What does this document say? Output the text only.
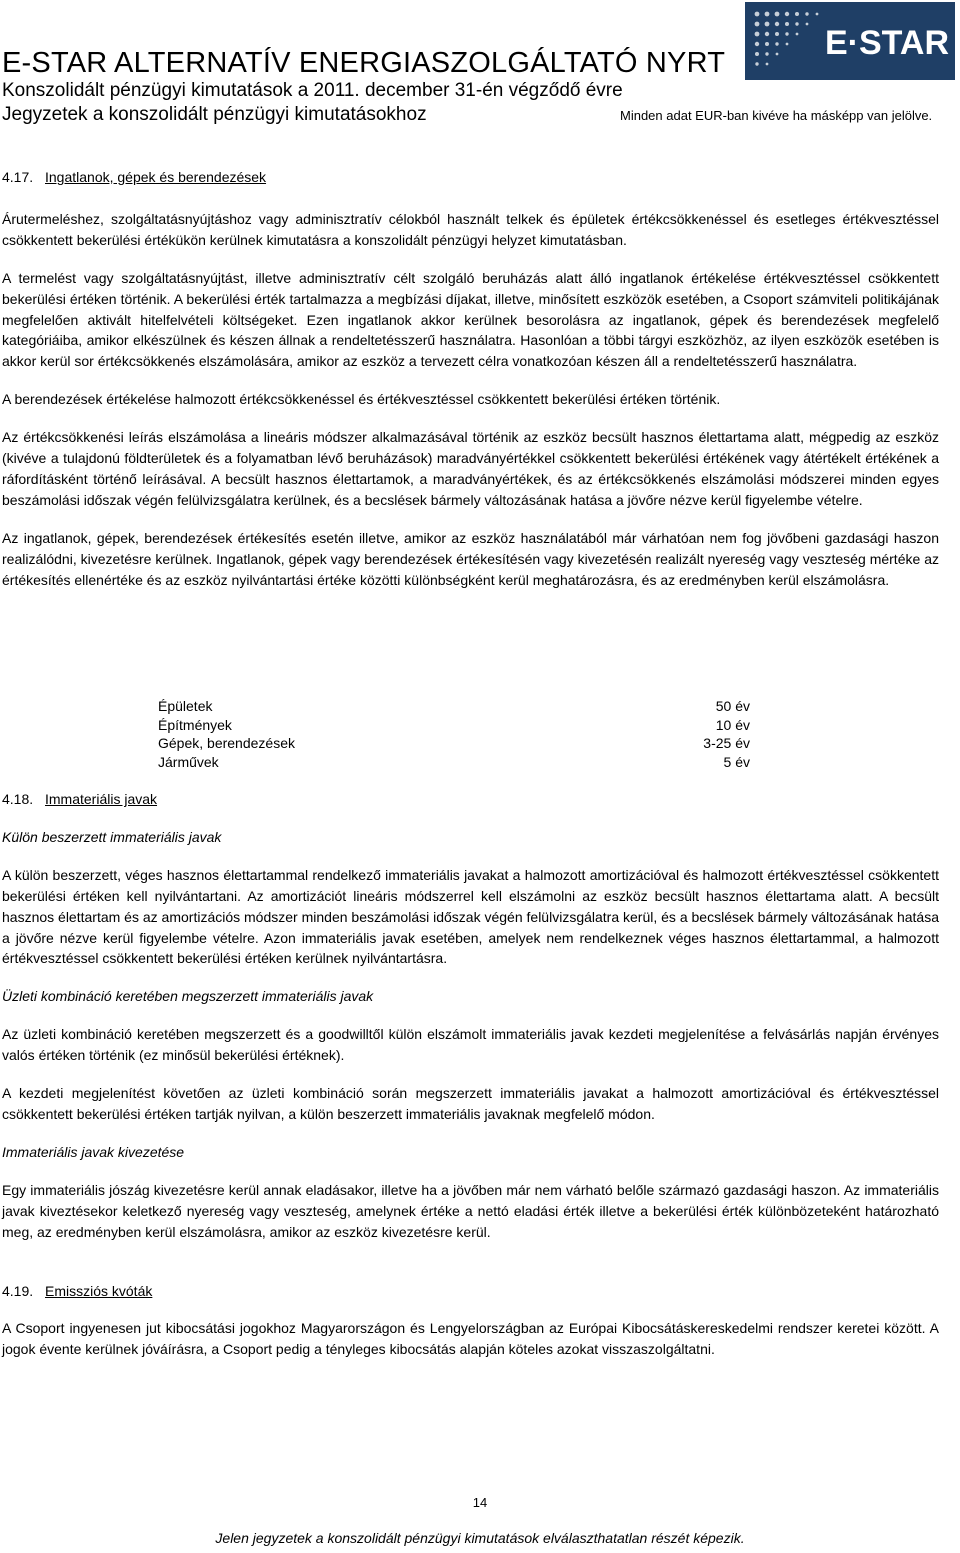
E-STAR ALTERNATÍV ENERGIASZOLGÁLTATÓ NYRT
Konszolidált pénzügyi kimutatások a 2011. december 31-én végződő évre
Jegyzetek a konszolidált pénzügyi kimutatásokhoz	Minden adat EUR-ban kivéve ha másképp van jelölve.
E·STAR
4.17. Ingatlanok, gépek és berendezések

Árutermeléshez, szolgáltatásnyújtáshoz vagy adminisztratív célokból használt telkek és épületek értékcsökkenéssel és esetleges értékvesztéssel csökkentett bekerülési értékükön kerülnek kimutatásra a konszolidált pénzügyi helyzet kimutatásban.

A termelést vagy szolgáltatásnyújtást, illetve adminisztratív célt szolgáló beruházás alatt álló ingatlanok értékelése értékvesztéssel csökkentett bekerülési értéken történik. A bekerülési érték tartalmazza a megbízási díjakat, illetve, minősített eszközök esetében, a Csoport számviteli politikájának megfelelően aktivált hitelfelvételi költségeket. Ezen ingatlanok akkor kerülnek besorolásra az ingatlanok, gépek és berendezések megfelelő kategóriáiba, amikor elkészülnek és készen állnak a rendeltetésszerű használatra. Hasonlóan a többi tárgyi eszközhöz, az ilyen eszközök esetében is akkor kerül sor értékcsökkenés elszámolására, amikor az eszköz a tervezett célra vonatkozóan készen áll a rendeltetésszerű használatra.

A berendezések értékelése halmozott értékcsökkenéssel és értékvesztéssel csökkentett bekerülési értéken történik.

Az értékcsökkenési leírás elszámolása a lineáris módszer alkalmazásával történik az eszköz becsült hasznos élettartama alatt, mégpedig az eszköz (kivéve a tulajdonú földterületek és a folyamatban lévő beruházások) maradványértékkel csökkentett bekerülési értékének vagy átértékelt értékének a ráfordításként történő leírásával. A becsült hasznos élettartamok, a maradványértékek, és az értékcsökkenés elszámolási módszerei minden egyes beszámolási időszak végén felülvizsgálatra kerülnek, és a becslések bármely változásának hatása a jövőre nézve kerül figyelembe vételre.

Az ingatlanok, gépek, berendezések értékesítés esetén illetve, amikor az eszköz használatából már várhatóan nem fog jövőbeni gazdasági haszon realizálódni, kivezetésre kerülnek. Ingatlanok, gépek vagy berendezések értékesítésén vagy kivezetésén realizált nyereség vagy veszteség mértéke az értékesítés ellenértéke és az eszköz nyilvántartási értéke közötti különbségként kerül meghatározásra, és az eredményben kerül elszámolásra.

Épületek	50 év
Építmények	10 év
Gépek, berendezések	3-25 év
Járművek	5 év
4.18. Immateriális javak
Külön beszerzett immateriális javak

A külön beszerzett, véges hasznos élettartammal rendelkező immateriális javakat a halmozott amortizációval és halmozott értékvesztéssel csökkentett bekerülési értéken kell nyilvántartani. Az amortizációt lineáris módszerrel kell elszámolni az eszköz becsült hasznos élettartama alatt. A becsült hasznos élettartam és az amortizációs módszer minden beszámolási időszak végén felülvizsgálatra kerül, és a becslések bármely változásának hatása a jövőre nézve kerül figyelembe vételre. Azon immateriális javak esetében, amelyek nem rendelkeznek véges hasznos élettartammal, a halmozott értékvesztéssel csökkentett bekerülési értéken kerülnek nyilvántartásra.

Üzleti kombináció keretében megszerzett immateriális javak

Az üzleti kombináció keretében megszerzett és a goodwilltől külön elszámolt immateriális javak kezdeti megjelenítése a felvásárlás napján érvényes valós értéken történik (ez minősül bekerülési értéknek).

A kezdeti megjelenítést követően az üzleti kombináció során megszerzett immateriális javakat a halmozott amortizációval és értékvesztéssel csökkentett bekerülési értéken tartják nyilvan, a külön beszerzett immateriális javaknak megfelelő módon.

Immateriális javak kivezetése

Egy immateriális jószág kivezetésre kerül annak eladásakor, illetve ha a jövőben már nem várható belőle származó gazdasági haszon. Az immateriális javak kiveztésekor keletkező nyereség vagy veszteség, amelynek értéke a nettó eladási érték illetve a bekerülési érték különbözeteként határozható meg, az eredményben kerül elszámolásra, amikor az eszköz kivezetésre kerül.

4.19. Emissziós kvóták

A Csoport ingyenesen jut kibocsátási jogokhoz Magyarországon és Lengyelországban az Európai Kibocsátáskereskedelmi rendszer keretei között. A jogok évente kerülnek jóváírásra, a Csoport pedig a tényleges kibocsátás alapján köteles azokat visszaszolgáltatni.

14
Jelen jegyzetek a konszolidált pénzügyi kimutatások elválaszthatatlan részét képezik.
